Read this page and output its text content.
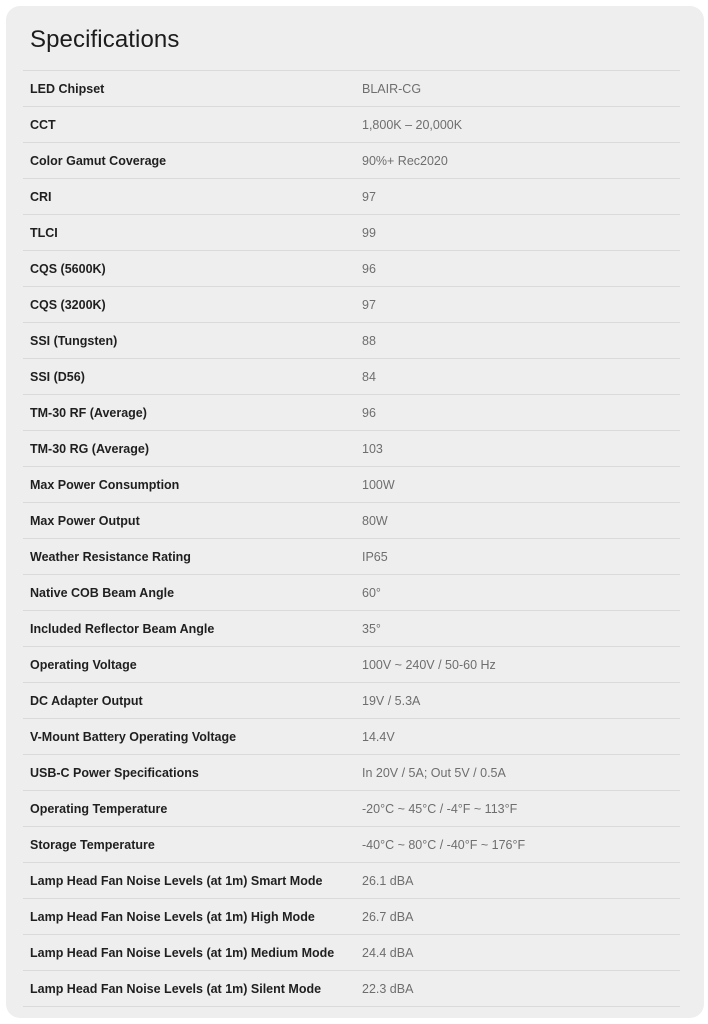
Specifications
LED Chipset	BLAIR-CG
CCT	1,800K – 20,000K
Color Gamut Coverage	90%+ Rec2020
CRI	97
TLCI	99
CQS (5600K)	96
CQS (3200K)	97
SSI (Tungsten)	88
SSI (D56)	84
TM-30 RF (Average)	96
TM-30 RG (Average)	103
Max Power Consumption	100W
Max Power Output	80W
Weather Resistance Rating	IP65
Native COB Beam Angle	60°
Included Reflector Beam Angle	35°
Operating Voltage	100V ~ 240V / 50-60 Hz
DC Adapter Output	19V / 5.3A
V-Mount Battery Operating Voltage	14.4V
USB-C Power Specifications	In 20V / 5A; Out 5V / 0.5A
Operating Temperature	-20°C ~ 45°C / -4°F ~ 113°F
Storage Temperature	-40°C ~ 80°C / -40°F ~ 176°F
Lamp Head Fan Noise Levels (at 1m) Smart Mode	26.1 dBA
Lamp Head Fan Noise Levels (at 1m) High Mode	26.7 dBA
Lamp Head Fan Noise Levels (at 1m) Medium Mode	24.4 dBA
Lamp Head Fan Noise Levels (at 1m) Silent Mode	22.3 dBA
